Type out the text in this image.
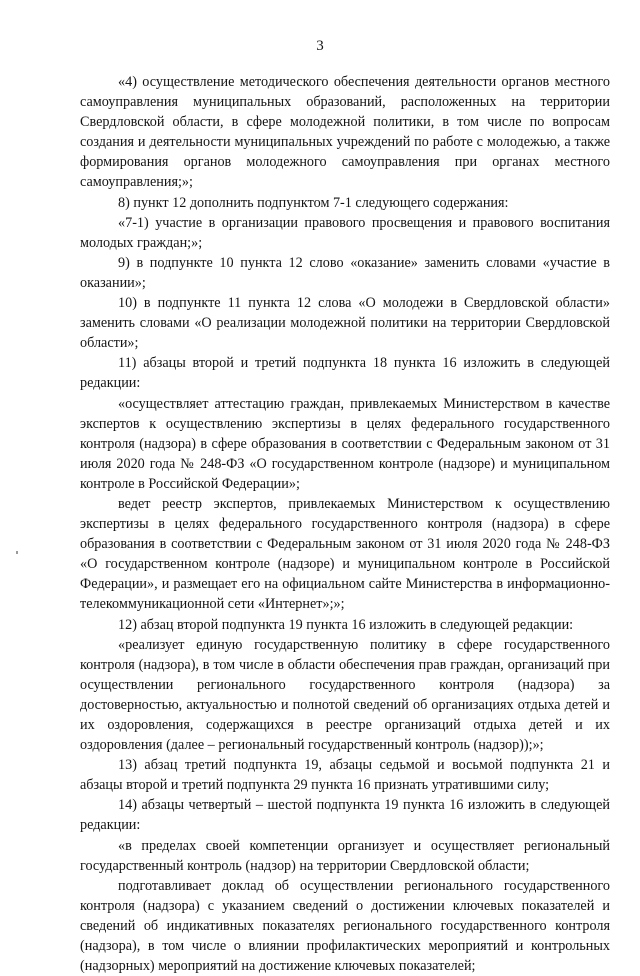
3

«4) осуществление методического обеспечения деятельности органов местного самоуправления муниципальных образований, расположенных на территории Свердловской области, в сфере молодежной политики, в том числе по вопросам создания и деятельности муниципальных учреждений по работе с молодежью, а также формирования органов молодежного самоуправления при органах местного самоуправления;»;

8) пункт 12 дополнить подпунктом 7-1 следующего содержания:

«7-1) участие в организации правового просвещения и правового воспитания молодых граждан;»;

9) в подпункте 10 пункта 12 слово «оказание» заменить словами «участие в оказании»;

10) в подпункте 11 пункта 12 слова «О молодежи в Свердловской области» заменить словами «О реализации молодежной политики на территории Свердловской области»;

11) абзацы второй и третий подпункта 18 пункта 16 изложить в следующей редакции:

«осуществляет аттестацию граждан, привлекаемых Министерством в качестве экспертов к осуществлению экспертизы в целях федерального государственного контроля (надзора) в сфере образования в соответствии с Федеральным законом от 31 июля 2020 года № 248-ФЗ «О государственном контроле (надзоре) и муниципальном контроле в Российской Федерации»;

ведет реестр экспертов, привлекаемых Министерством к осуществлению экспертизы в целях федерального государственного контроля (надзора) в сфере образования в соответствии с Федеральным законом от 31 июля 2020 года № 248-ФЗ «О государственном контроле (надзоре) и муниципальном контроле в Российской Федерации», и размещает его на официальном сайте Министерства в информационно-телекоммуникационной сети «Интернет»;»;

12) абзац второй подпункта 19 пункта 16 изложить в следующей редакции:

«реализует единую государственную политику в сфере государственного контроля (надзора), в том числе в области обеспечения прав граждан, организаций при осуществлении регионального государственного контроля (надзора) за достоверностью, актуальностью и полнотой сведений об организациях отдыха детей и их оздоровления, содержащихся в реестре организаций отдыха детей и их оздоровления (далее – региональный государственный контроль (надзор));»;

13) абзац третий подпункта 19, абзацы седьмой и восьмой подпункта 21 и абзацы второй и третий подпункта 29 пункта 16 признать утратившими силу;

14) абзацы четвертый – шестой подпункта 19 пункта 16 изложить в следующей редакции:

«в пределах своей компетенции организует и осуществляет региональный государственный контроль (надзор) на территории Свердловской области;

подготавливает доклад об осуществлении регионального государственного контроля (надзора) с указанием сведений о достижении ключевых показателей и сведений об индикативных показателях регионального государственного контроля (надзора), в том числе о влиянии профилактических мероприятий и контрольных (надзорных) мероприятий на достижение ключевых показателей;
